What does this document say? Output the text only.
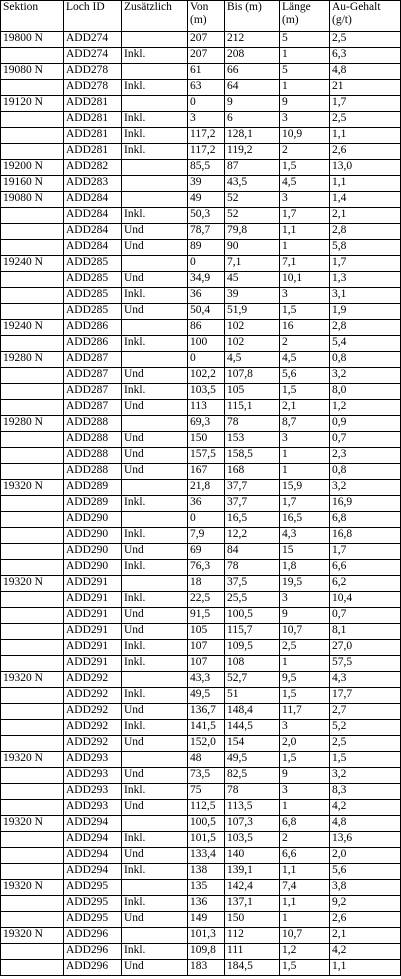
Sektion	Loch ID	Zusätzlich	Von (m)	Bis (m)	Länge (m)	Au-Gehalt (g/t)
19800 N	ADD274		207	212	5	2,5
	ADD274	Inkl.	207	208	1	6,3
19080 N	ADD278		61	66	5	4,8
	ADD278	Inkl.	63	64	1	21
19120 N	ADD281		0	9	9	1,7
	ADD281	Inkl.	3	6	3	2,5
	ADD281	Inkl.	117,2	128,1	10,9	1,1
	ADD281	Inkl.	117,2	119,2	2	2,6
19200 N	ADD282		85,5	87	1,5	13,0
19160 N	ADD283		39	43,5	4,5	1,1
19080 N	ADD284		49	52	3	1,4
	ADD284	Inkl.	50,3	52	1,7	2,1
	ADD284	Und	78,7	79,8	1,1	2,8
	ADD284	Und	89	90	1	5,8
19240 N	ADD285		0	7,1	7,1	1,7
	ADD285	Und	34,9	45	10,1	1,3
	ADD285	Inkl.	36	39	3	3,1
	ADD285	Und	50,4	51,9	1,5	1,9
19240 N	ADD286		86	102	16	2,8
	ADD286	Inkl.	100	102	2	5,4
19280 N	ADD287		0	4,5	4,5	0,8
	ADD287	Und	102,2	107,8	5,6	3,2
	ADD287	Inkl.	103,5	105	1,5	8,0
	ADD287	Und	113	115,1	2,1	1,2
19280 N	ADD288		69,3	78	8,7	0,9
	ADD288	Und	150	153	3	0,7
	ADD288	Und	157,5	158,5	1	2,3
	ADD288	Und	167	168	1	0,8
19320 N	ADD289		21,8	37,7	15,9	3,2
	ADD289	Inkl.	36	37,7	1,7	16,9
	ADD290		0	16,5	16,5	6,8
	ADD290	Inkl.	7,9	12,2	4,3	16,8
	ADD290	Und	69	84	15	1,7
	ADD290	Inkl.	76,3	78	1,8	6,6
19320 N	ADD291		18	37,5	19,5	6,2
	ADD291	Inkl.	22,5	25,5	3	10,4
	ADD291	Und	91,5	100,5	9	0,7
	ADD291	Und	105	115,7	10,7	8,1
	ADD291	Inkl.	107	109,5	2,5	27,0
	ADD291	Inkl.	107	108	1	57,5
19320 N	ADD292		43,3	52,7	9,5	4,3
	ADD292	Inkl.	49,5	51	1,5	17,7
	ADD292	Und	136,7	148,4	11,7	2,7
	ADD292	Inkl.	141,5	144,5	3	5,2
	ADD292	Und	152,0	154	2,0	2,5
19320 N	ADD293		48	49,5	1,5	1,5
	ADD293	Und	73,5	82,5	9	3,2
	ADD293	Inkl.	75	78	3	8,3
	ADD293	Und	112,5	113,5	1	4,2
19320 N	ADD294		100,5	107,3	6,8	4,8
	ADD294	Inkl.	101,5	103,5	2	13,6
	ADD294	Und	133,4	140	6,6	2,0
	ADD294	Inkl.	138	139,1	1,1	5,6
19320 N	ADD295		135	142,4	7,4	3,8
	ADD295	Inkl.	136	137,1	1,1	9,2
	ADD295	Und	149	150	1	2,6
19320 N	ADD296		101,3	112	10,7	2,1
	ADD296	Inkl.	109,8	111	1,2	4,2
	ADD296	Und	183	184,5	1,5	1,1
